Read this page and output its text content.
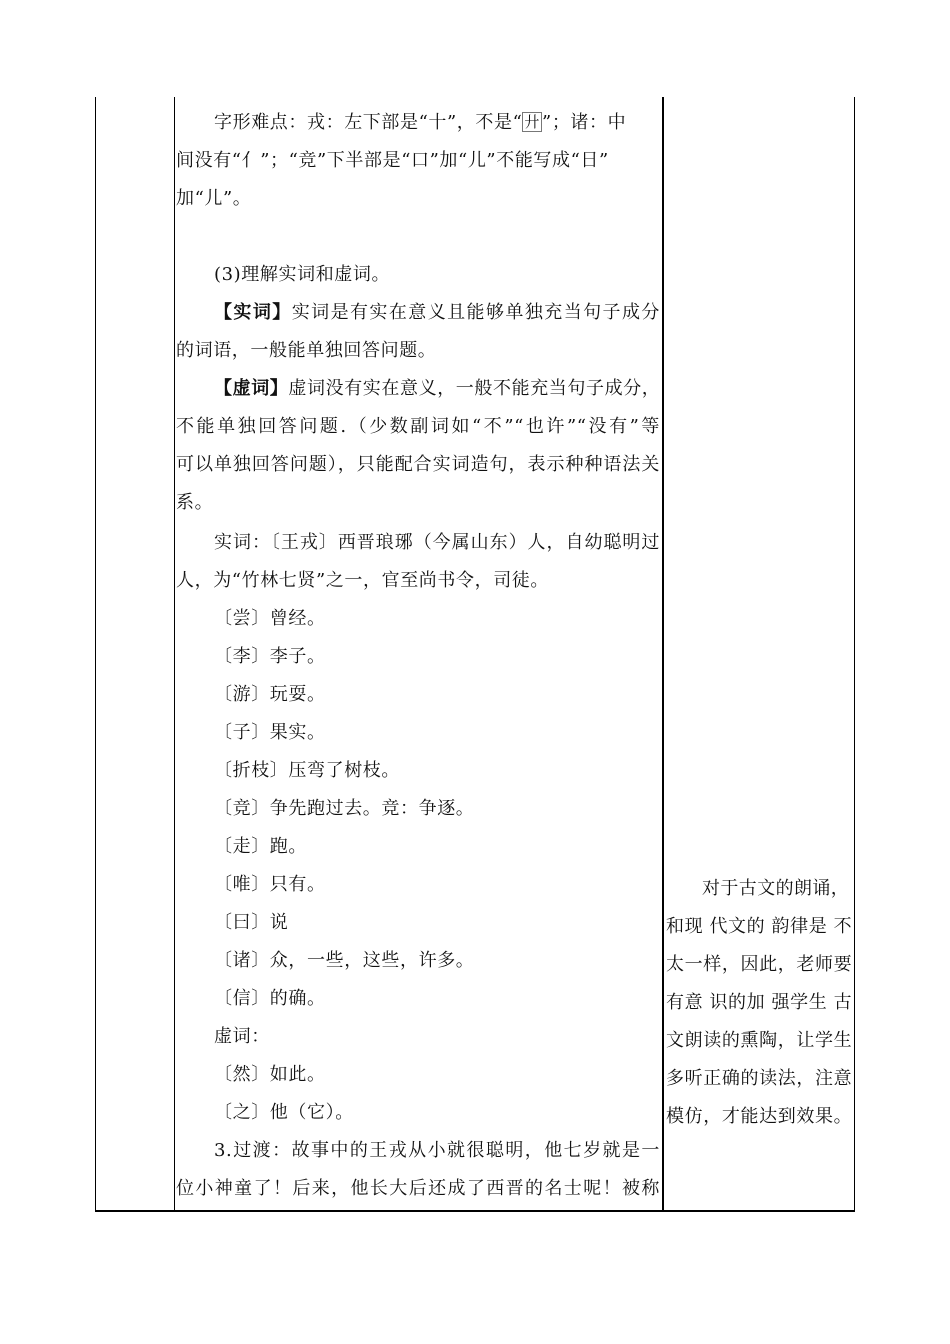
字形难点：戎：左下部是“十”，不是“ 廾 ”；诸：中
间没有“亻”；“竞”下半部是“口”加“儿”不能写成“日”
加“儿”。
(3)理解实词和虚词。
【实词】实词是有实在意义且能够单独充当句子成分
的词语，一般能单独回答问题。
【虚词】虚词没有实在意义，一般不能充当句子成分，
不能单独回答问题.（少数副词如“不”“也许”“没有”等
可以单独回答问题），只能配合实词造句，表示种种语法关
系。
实词：〔王戎〕西晋琅琊（今属山东）人，自幼聪明过
人，为“竹林七贤”之一，官至尚书令，司徒。
〔尝〕曾经。
〔李〕李子。
〔游〕玩耍。
〔子〕果实。
〔折枝〕压弯了树枝。
〔竞〕争先跑过去。竞：争逐。
〔走〕跑。
〔唯〕只有。
〔曰〕说
〔诸〕众，一些，这些，许多。
〔信〕的确。
虚词：
〔然〕如此。
〔之〕他（它）。
3.过渡：故事中的王戎从小就很聪明，他七岁就是一
位小神童了！后来，他长大后还成了西晋的名士呢！被称
对于古文的朗诵，
和现 代文的 韵律是 不
太一样，因此，老师要
有意 识的加 强学生 古
文朗读的熏陶，让学生
多听正确的读法，注意
模仿，才能达到效果。
